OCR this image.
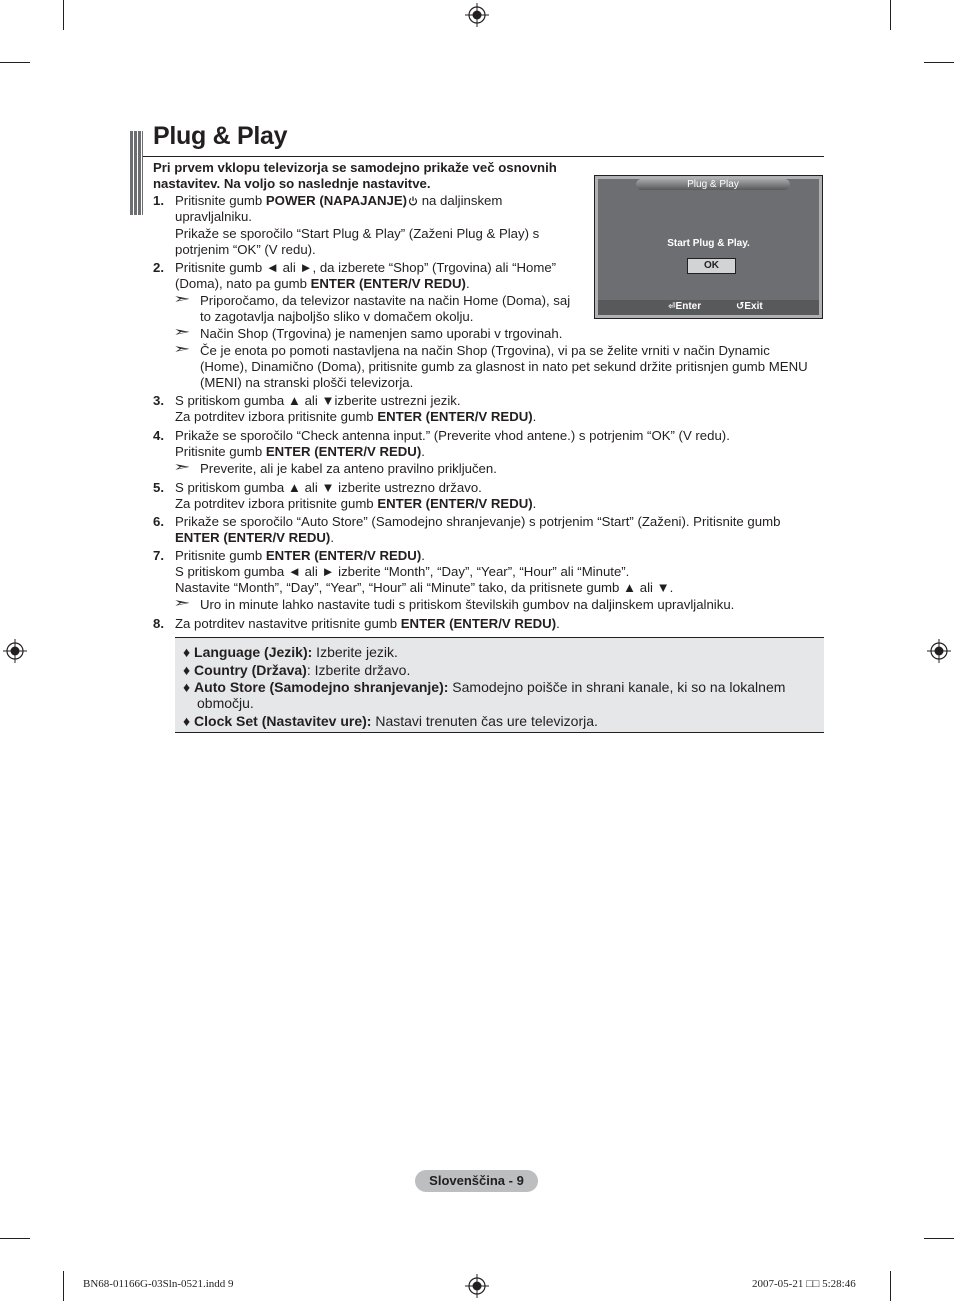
Plug & Play
Pri prvem vklopu televizorja se samodejno prikaže več osnovnih
nastavitev. Na voljo so naslednje nastavitve.
1. Pritisnite gumb POWER (NAPAJANJE) na daljinskem
upravljalniku.
Prikaže se sporočilo “Start Plug & Play” (Zaženi Plug & Play) s
potrjenim “OK” (V redu).
2. Pritisnite gumb ◄ ali ►, da izberete “Shop” (Trgovina) ali “Home”
(Doma), nato pa gumb ENTER (ENTER/V REDU).
➣ Priporočamo, da televizor nastavite na način Home (Doma), saj
to zagotavlja najboljšo sliko v domačem okolju.
➣ Način Shop (Trgovina) je namenjen samo uporabi v trgovinah.
➣ Če je enota po pomoti nastavljena na način Shop (Trgovina), vi pa se želite vrniti v način Dynamic
(Home), Dinamično (Doma), pritisnite gumb za glasnost in nato pet sekund držite pritisnjen gumb MENU
(MENI) na stranski plošči televizorja.
3. S pritiskom gumba ▲ ali ▼izberite ustrezni jezik.
Za potrditev izbora pritisnite gumb ENTER (ENTER/V REDU).
4. Prikaže se sporočilo “Check antenna input.” (Preverite vhod antene.) s potrjenim “OK” (V redu).
Pritisnite gumb ENTER (ENTER/V REDU).
➣ Preverite, ali je kabel za anteno pravilno priključen.
5. S pritiskom gumba ▲ ali ▼ izberite ustrezno državo.
Za potrditev izbora pritisnite gumb ENTER (ENTER/V REDU).
6. Prikaže se sporočilo “Auto Store” (Samodejno shranjevanje) s potrjenim “Start” (Zaženi). Pritisnite gumb
ENTER (ENTER/V REDU).
7. Pritisnite gumb ENTER (ENTER/V REDU).
S pritiskom gumba ◄ ali ► izberite “Month”, “Day”, “Year”, “Hour” ali “Minute”.
Nastavite “Month”, “Day”, “Year”, “Hour” ali “Minute” tako, da pritisnete gumb ▲ ali ▼.
➣ Uro in minute lahko nastavite tudi s pritiskom številskih gumbov na daljinskem upravljalniku.
8. Za potrditev nastavitve pritisnite gumb ENTER (ENTER/V REDU).
Plug & Play
Start Plug & Play.
OK
⏎Enter	↺Exit
♦ Language (Jezik): Izberite jezik.
♦ Country (Država): Izberite državo.
♦ Auto Store (Samodejno shranjevanje): Samodejno poišče in shrani kanale, ki so na lokalnem
območju.
♦ Clock Set (Nastavitev ure): Nastavi trenuten čas ure televizorja.
Slovenščina - 9
BN68-01166G-03Sln-0521.indd 9	2007-05-21 □□ 5:28:46
